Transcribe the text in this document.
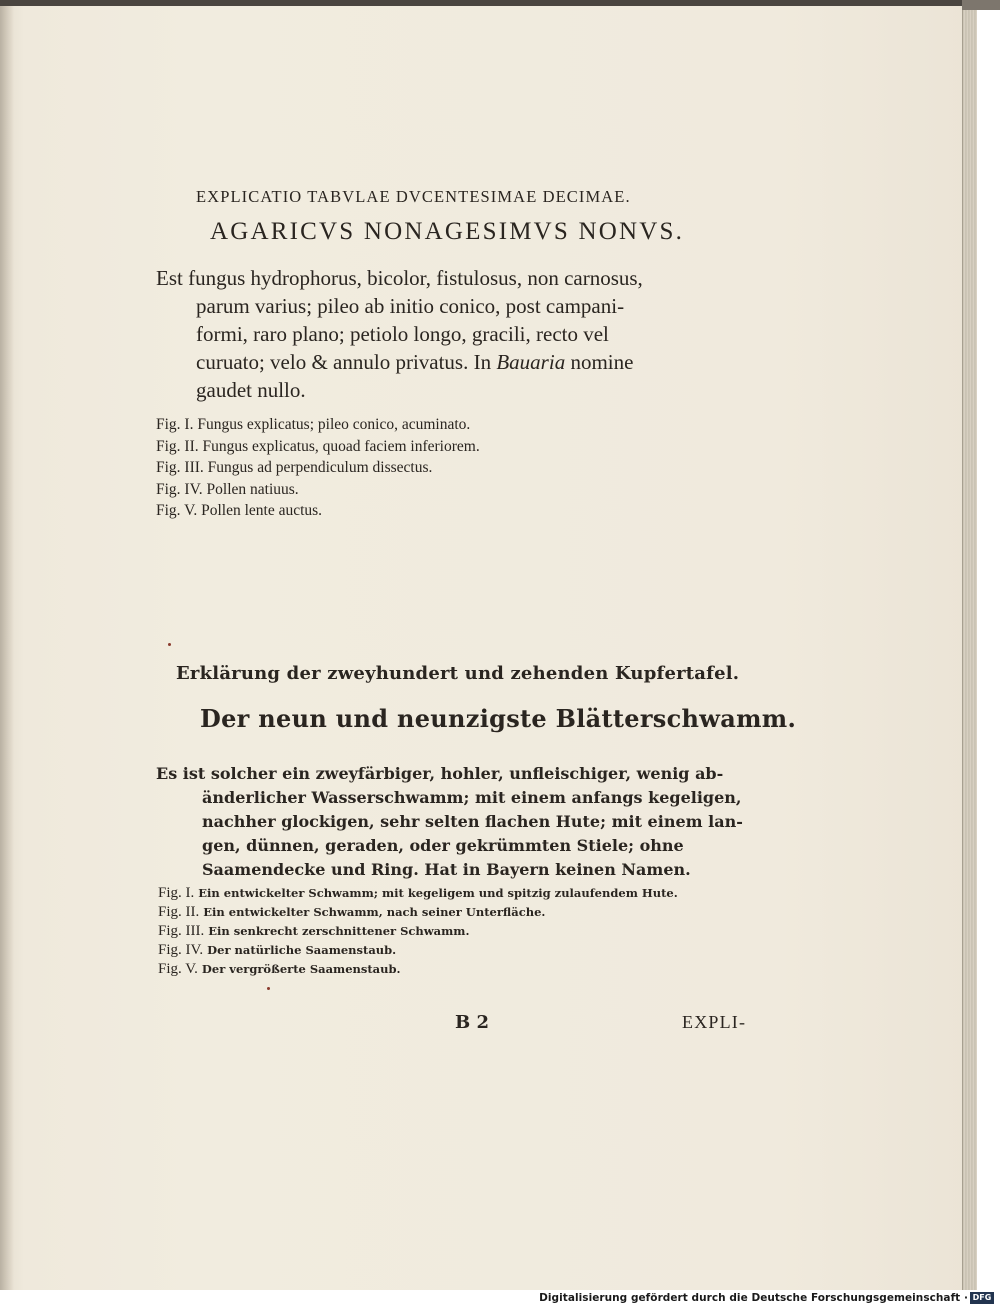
EXPLICATIO TABVLAE DVCENTESIMAE DECIMAE.
AGARICVS NONAGESIMVS NONVS.
Est fungus hydrophorus, bicolor, fistulosus, non carnosus,
parum varius; pileo ab initio conico, post campani-
formi, raro plano; petiolo longo, gracili, recto vel
curuato; velo & annulo privatus. In Bauaria nomine
gaudet nullo.
Fig. I. Fungus explicatus; pileo conico, acuminato.
Fig. II. Fungus explicatus, quoad faciem inferiorem.
Fig. III. Fungus ad perpendiculum dissectus.
Fig. IV. Pollen natiuus.
Fig. V. Pollen lente auctus.
Erklärung der zweyhundert und zehenden Kupfertafel.
Der neun und neunzigste Blätterschwamm.
Es ist solcher ein zweyfärbiger, hohler, unfleischiger, wenig ab-
änderlicher Wasserschwamm; mit einem anfangs kegeligen,
nachher glockigen, sehr selten flachen Hute; mit einem lan-
gen, dünnen, geraden, oder gekrümmten Stiele; ohne
Saamendecke und Ring. Hat in Bayern keinen Namen.
Fig. I. Ein entwickelter Schwamm; mit kegeligem und spitzig zulaufendem Hute.
Fig. II. Ein entwickelter Schwamm, nach seiner Unterfläche.
Fig. III. Ein senkrecht zerschnittener Schwamm.
Fig. IV. Der natürliche Saamenstaub.
Fig. V. Der vergrößerte Saamenstaub.
B 2	EXPLI-
Digitalisierung gefördert durch die Deutsche Forschungsgemeinschaft · DFG
